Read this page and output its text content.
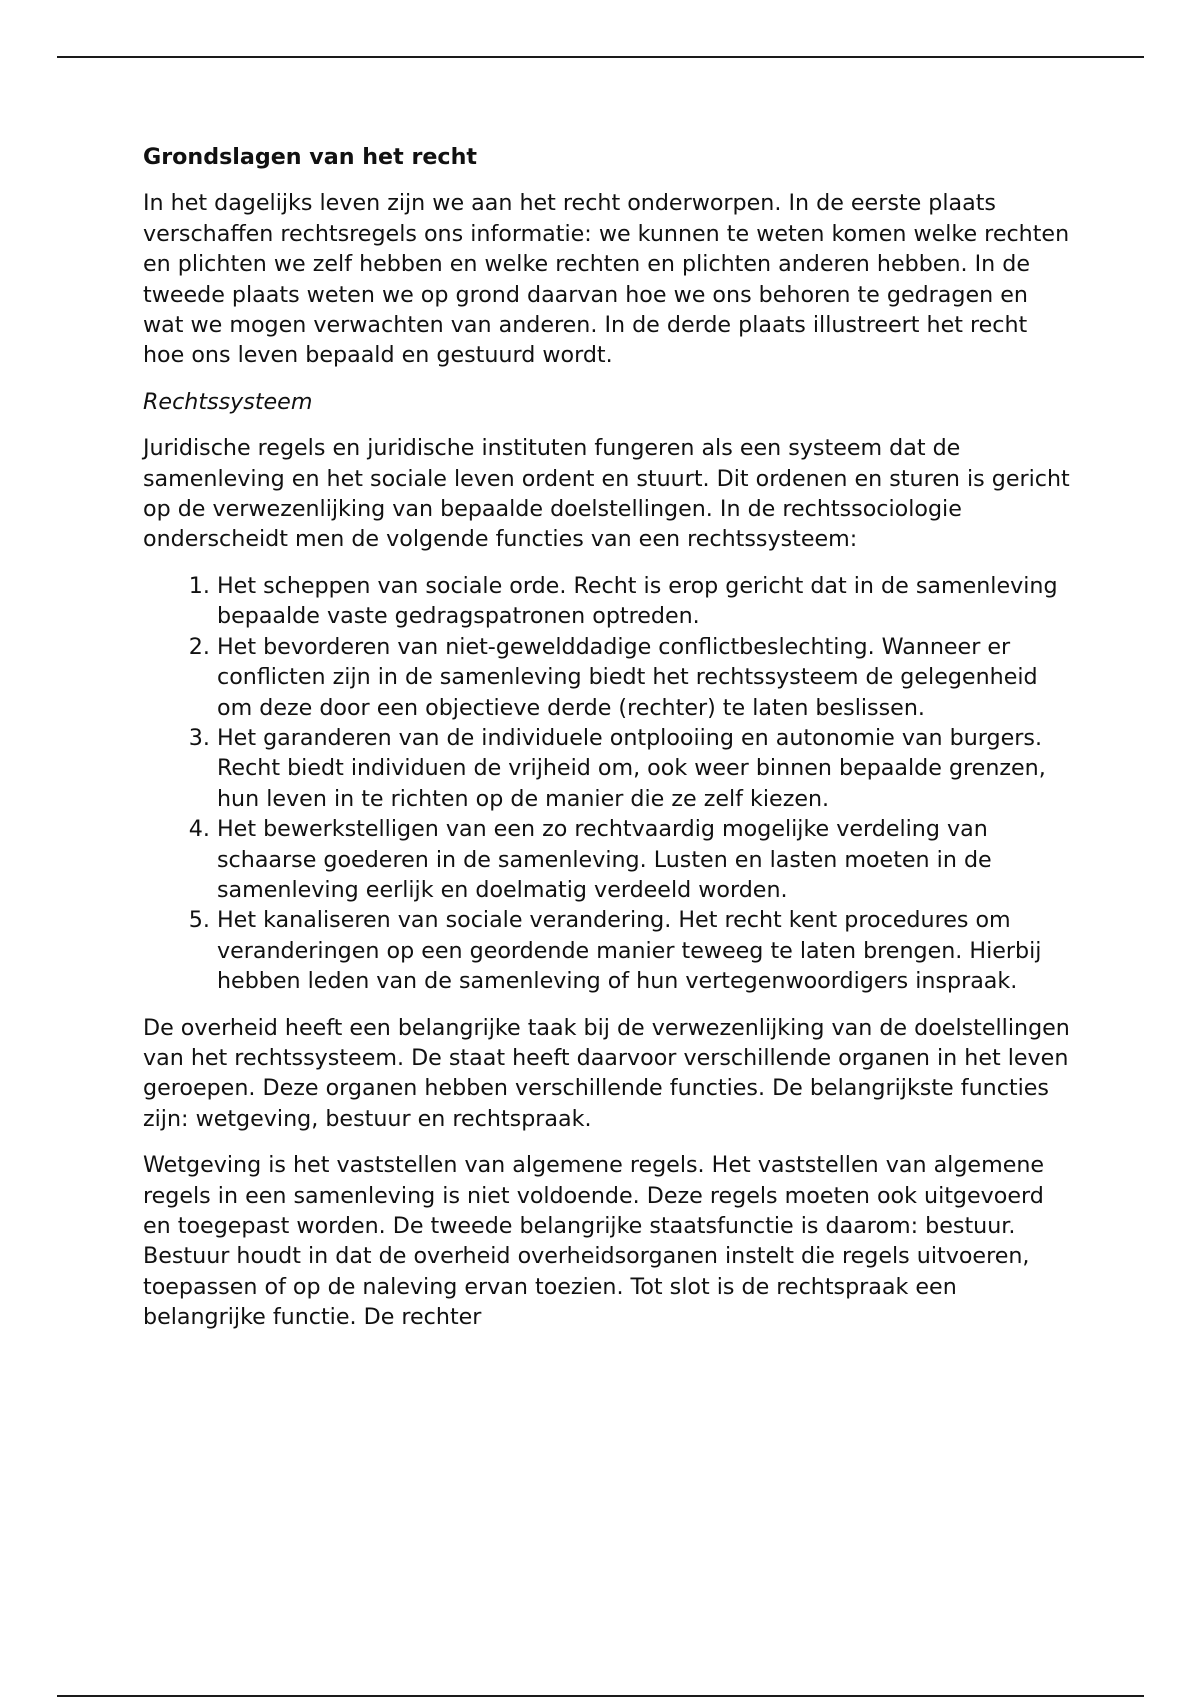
Grondslagen van het recht

In het dagelijks leven zijn we aan het recht onderworpen. In de eerste plaats verschaffen rechtsregels ons informatie: we kunnen te weten komen welke rechten en plichten we zelf hebben en welke rechten en plichten anderen hebben. In de tweede plaats weten we op grond daarvan hoe we ons behoren te gedragen en wat we mogen verwachten van anderen. In de derde plaats illustreert het recht hoe ons leven bepaald en gestuurd wordt.

Rechtssysteem

Juridische regels en juridische instituten fungeren als een systeem dat de samenleving en het sociale leven ordent en stuurt. Dit ordenen en sturen is gericht op de verwezenlijking van bepaalde doelstellingen. In de rechtssociologie onderscheidt men de volgende functies van een rechtssysteem:

1. Het scheppen van sociale orde. Recht is erop gericht dat in de samenleving bepaalde vaste gedragspatronen optreden.
2. Het bevorderen van niet-gewelddadige conflictbeslechting. Wanneer er conflicten zijn in de samenleving biedt het rechtssysteem de gelegenheid om deze door een objectieve derde (rechter) te laten beslissen.
3. Het garanderen van de individuele ontplooiing en autonomie van burgers. Recht biedt individuen de vrijheid om, ook weer binnen bepaalde grenzen, hun leven in te richten op de manier die ze zelf kiezen.
4. Het bewerkstelligen van een zo rechtvaardig mogelijke verdeling van schaarse goederen in de samenleving. Lusten en lasten moeten in de samenleving eerlijk en doelmatig verdeeld worden.
5. Het kanaliseren van sociale verandering. Het recht kent procedures om veranderingen op een geordende manier teweeg te laten brengen. Hierbij hebben leden van de samenleving of hun vertegenwoordigers inspraak.

De overheid heeft een belangrijke taak bij de verwezenlijking van de doelstellingen van het rechtssysteem. De staat heeft daarvoor verschillende organen in het leven geroepen. Deze organen hebben verschillende functies. De belangrijkste functies zijn: wetgeving, bestuur en rechtspraak.

Wetgeving is het vaststellen van algemene regels. Het vaststellen van algemene regels in een samenleving is niet voldoende. Deze regels moeten ook uitgevoerd en toegepast worden. De tweede belangrijke staatsfunctie is daarom: bestuur. Bestuur houdt in dat de overheid overheidsorganen instelt die regels uitvoeren, toepassen of op de naleving ervan toezien. Tot slot is de rechtspraak een belangrijke functie. De rechter
